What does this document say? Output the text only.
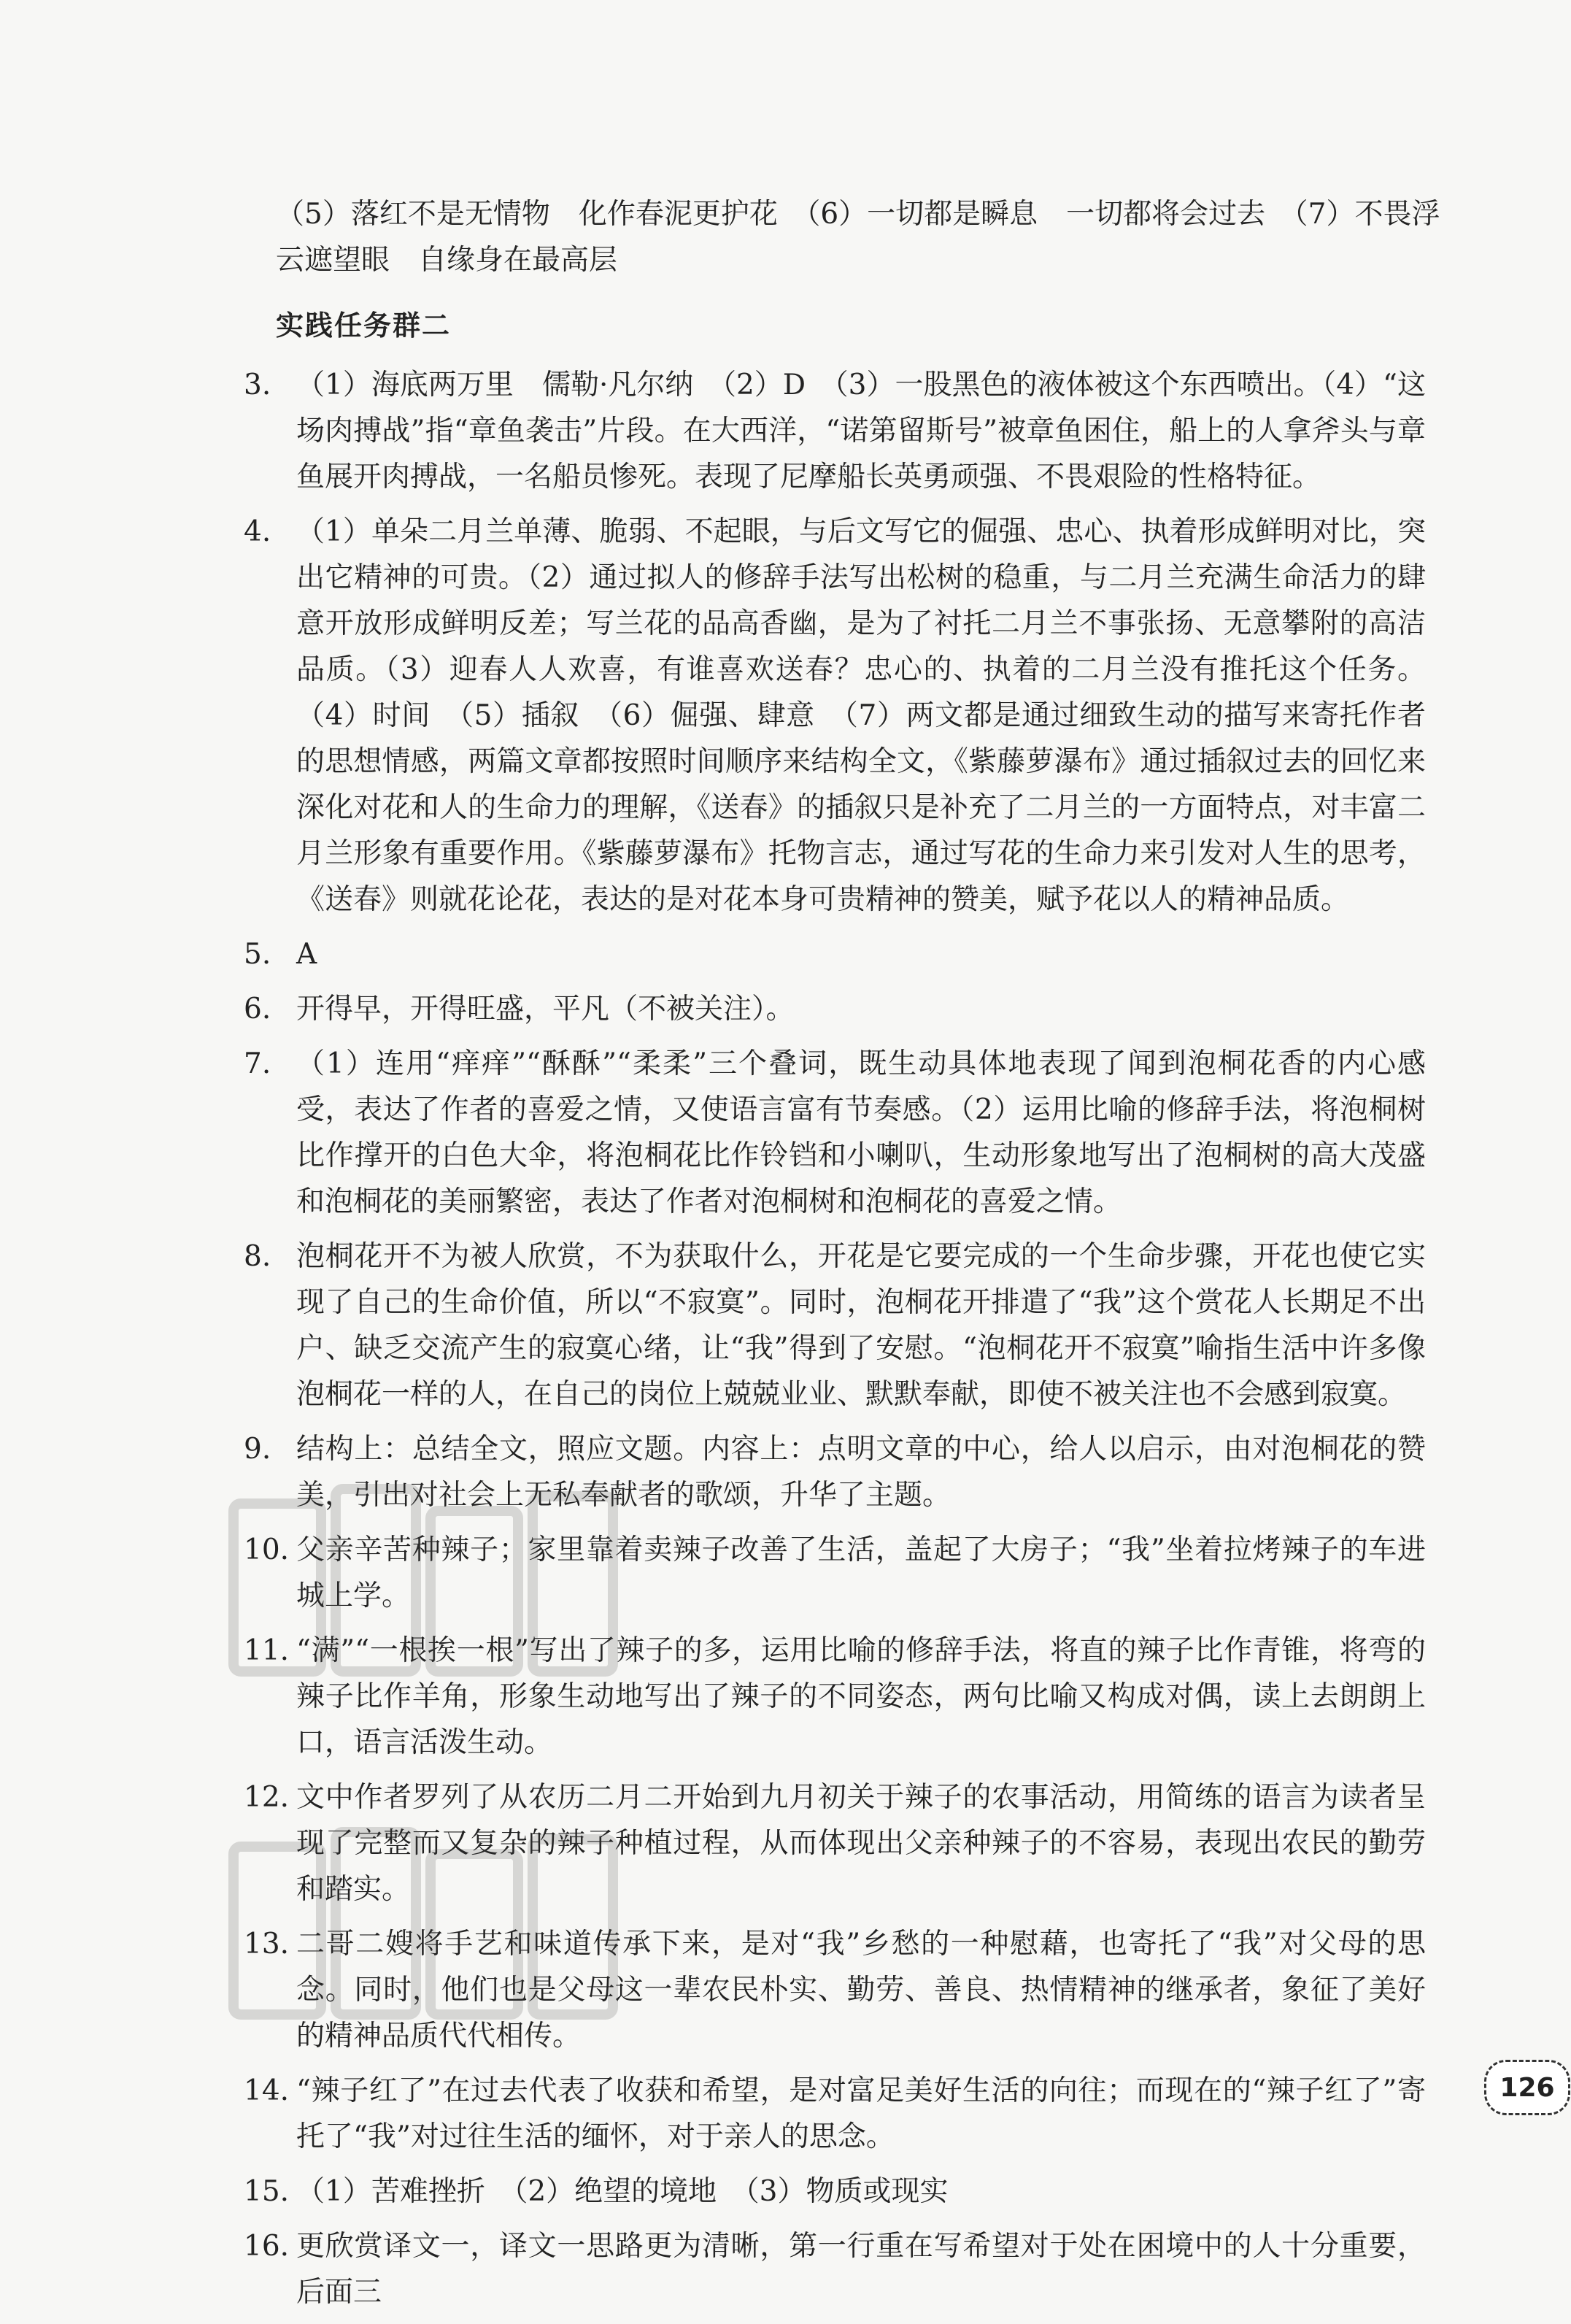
（5）落红不是无情物　化作春泥更护花　（6）一切都是瞬息　一切都将会过去　（7）不畏浮云遮望眼　自缘身在最高层

实践任务群二
3. （1）海底两万里　儒勒·凡尔纳　（2）D　（3）一股黑色的液体被这个东西喷出。（4）“这场肉搏战”指“章鱼袭击”片段。在大西洋，“诺第留斯号”被章鱼困住，船上的人拿斧头与章鱼展开肉搏战，一名船员惨死。表现了尼摩船长英勇顽强、不畏艰险的性格特征。
4. （1）单朵二月兰单薄、脆弱、不起眼，与后文写它的倔强、忠心、执着形成鲜明对比，突出它精神的可贵。（2）通过拟人的修辞手法写出松树的稳重，与二月兰充满生命活力的肆意开放形成鲜明反差；写兰花的品高香幽，是为了衬托二月兰不事张扬、无意攀附的高洁品质。（3）迎春人人欢喜，有谁喜欢送春？忠心的、执着的二月兰没有推托这个任务。（4）时间　（5）插叙　（6）倔强、肆意　（7）两文都是通过细致生动的描写来寄托作者的思想情感，两篇文章都按照时间顺序来结构全文，《紫藤萝瀑布》通过插叙过去的回忆来深化对花和人的生命力的理解，《送春》的插叙只是补充了二月兰的一方面特点，对丰富二月兰形象有重要作用。《紫藤萝瀑布》托物言志，通过写花的生命力来引发对人生的思考，《送春》则就花论花，表达的是对花本身可贵精神的赞美，赋予花以人的精神品质。
5. A
6. 开得早，开得旺盛，平凡（不被关注）。
7. （1）连用“痒痒”“酥酥”“柔柔”三个叠词，既生动具体地表现了闻到泡桐花香的内心感受，表达了作者的喜爱之情，又使语言富有节奏感。（2）运用比喻的修辞手法，将泡桐树比作撑开的白色大伞，将泡桐花比作铃铛和小喇叭，生动形象地写出了泡桐树的高大茂盛和泡桐花的美丽繁密，表达了作者对泡桐树和泡桐花的喜爱之情。
8. 泡桐花开不为被人欣赏，不为获取什么，开花是它要完成的一个生命步骤，开花也使它实现了自己的生命价值，所以“不寂寞”。同时，泡桐花开排遣了“我”这个赏花人长期足不出户、缺乏交流产生的寂寞心绪，让“我”得到了安慰。“泡桐花开不寂寞”喻指生活中许多像泡桐花一样的人，在自己的岗位上兢兢业业、默默奉献，即使不被关注也不会感到寂寞。
9. 结构上：总结全文，照应文题。内容上：点明文章的中心，给人以启示，由对泡桐花的赞美，引出对社会上无私奉献者的歌颂，升华了主题。
10. 父亲辛苦种辣子；家里靠着卖辣子改善了生活，盖起了大房子；“我”坐着拉烤辣子的车进城上学。
11. “满”“一根挨一根”写出了辣子的多，运用比喻的修辞手法，将直的辣子比作青锥，将弯的辣子比作羊角，形象生动地写出了辣子的不同姿态，两句比喻又构成对偶，读上去朗朗上口，语言活泼生动。
12. 文中作者罗列了从农历二月二开始到九月初关于辣子的农事活动，用简练的语言为读者呈现了完整而又复杂的辣子种植过程，从而体现出父亲种辣子的不容易，表现出农民的勤劳和踏实。
13. 二哥二嫂将手艺和味道传承下来，是对“我”乡愁的一种慰藉，也寄托了“我”对父母的思念。同时，他们也是父母这一辈农民朴实、勤劳、善良、热情精神的继承者，象征了美好的精神品质代代相传。
14. “辣子红了”在过去代表了收获和希望，是对富足美好生活的向往；而现在的“辣子红了”寄托了“我”对过往生活的缅怀，对于亲人的思念。
15. （1）苦难挫折　（2）绝望的境地　（3）物质或现实
16. 更欣赏译文一，译文一思路更为清晰，第一行重在写希望对于处在困境中的人十分重要，后面三
126
